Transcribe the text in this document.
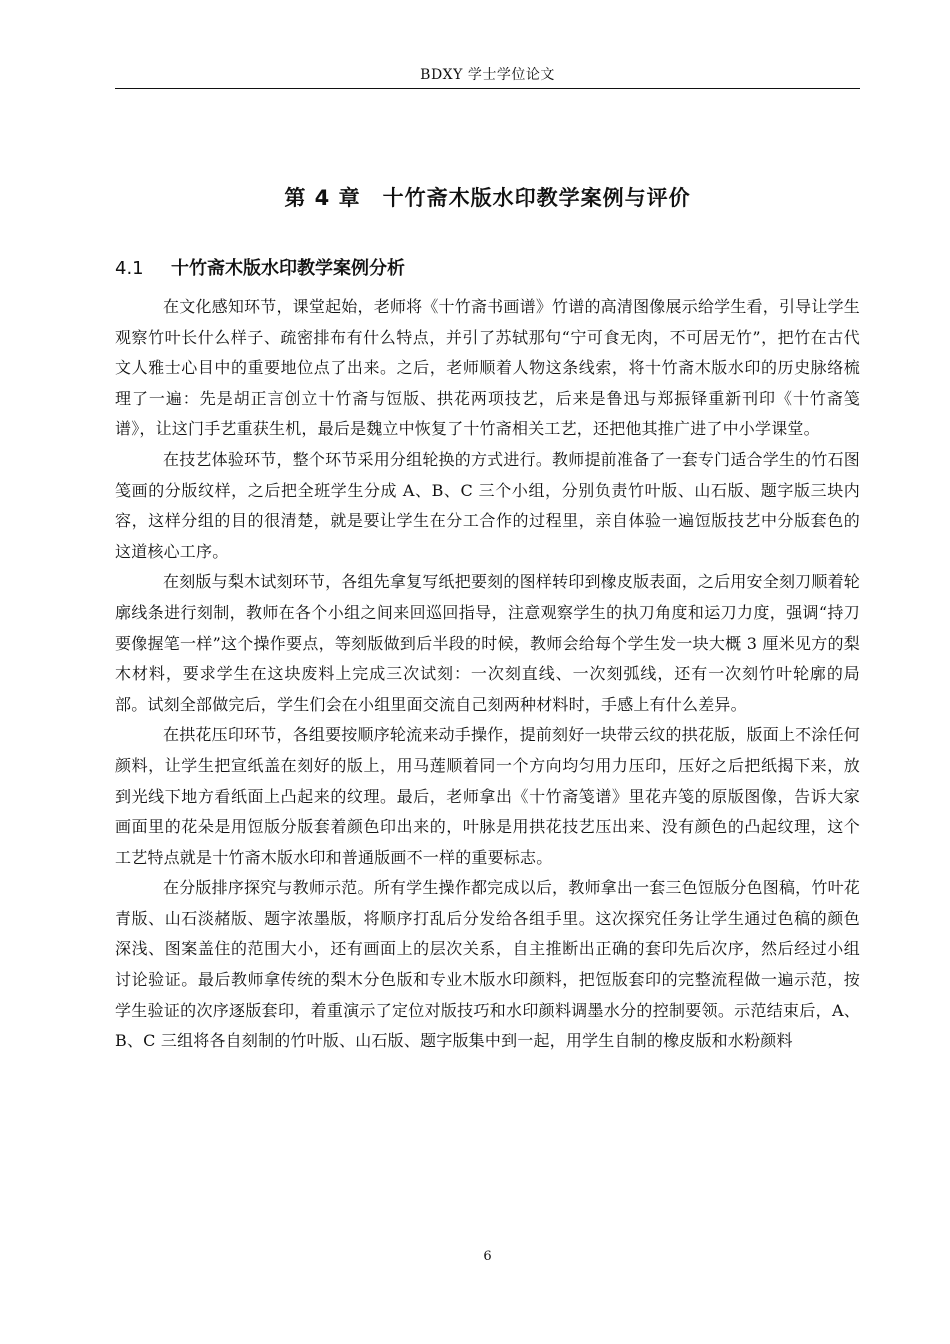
BDXY 学士学位论文
第 4 章 十竹斋木版水印教学案例与评价
4.1 十竹斋木版水印教学案例分析

在文化感知环节，课堂起始，老师将《十竹斋书画谱》竹谱的高清图像展示给学生看，引导让学生观察竹叶长什么样子、疏密排布有什么特点，并引了苏轼那句“宁可食无肉，不可居无竹”，把竹在古代文人雅士心目中的重要地位点了出来。之后，老师顺着人物这条线索，将十竹斋木版水印的历史脉络梳理了一遍：先是胡正言创立十竹斋与饾版、拱花两项技艺，后来是鲁迅与郑振铎重新刊印《十竹斋笺谱》，让这门手艺重获生机，最后是魏立中恢复了十竹斋相关工艺，还把他其推广进了中小学课堂。

在技艺体验环节，整个环节采用分组轮换的方式进行。教师提前准备了一套专门适合学生的竹石图笺画的分版纹样，之后把全班学生分成 A、B、C 三个小组，分别负责竹叶版、山石版、题字版三块内容，这样分组的目的很清楚，就是要让学生在分工合作的过程里，亲自体验一遍饾版技艺中分版套色的这道核心工序。

在刻版与梨木试刻环节，各组先拿复写纸把要刻的图样转印到橡皮版表面，之后用安全刻刀顺着轮廓线条进行刻制，教师在各个小组之间来回巡回指导，注意观察学生的执刀角度和运刀力度，强调“持刀要像握笔一样”这个操作要点，等刻版做到后半段的时候，教师会给每个学生发一块大概 3 厘米见方的梨木材料，要求学生在这块废料上完成三次试刻：一次刻直线、一次刻弧线，还有一次刻竹叶轮廓的局部。试刻全部做完后，学生们会在小组里面交流自己刻两种材料时，手感上有什么差异。

在拱花压印环节，各组要按顺序轮流来动手操作，提前刻好一块带云纹的拱花版，版面上不涂任何颜料，让学生把宣纸盖在刻好的版上，用马莲顺着同一个方向均匀用力压印，压好之后把纸揭下来，放到光线下地方看纸面上凸起来的纹理。最后，老师拿出《十竹斋笺谱》里花卉笺的原版图像，告诉大家画面里的花朵是用饾版分版套着颜色印出来的，叶脉是用拱花技艺压出来、没有颜色的凸起纹理，这个工艺特点就是十竹斋木版水印和普通版画不一样的重要标志。

在分版排序探究与教师示范。所有学生操作都完成以后，教师拿出一套三色饾版分色图稿，竹叶花青版、山石淡赭版、题字浓墨版，将顺序打乱后分发给各组手里。这次探究任务让学生通过色稿的颜色深浅、图案盖住的范围大小，还有画面上的层次关系，自主推断出正确的套印先后次序，然后经过小组讨论验证。最后教师拿传统的梨木分色版和专业木版水印颜料，把饾版套印的完整流程做一遍示范，按学生验证的次序逐版套印，着重演示了定位对版技巧和水印颜料调墨水分的控制要领。示范结束后，A、B、C 三组将各自刻制的竹叶版、山石版、题字版集中到一起，用学生自制的橡皮版和水粉颜料

6
